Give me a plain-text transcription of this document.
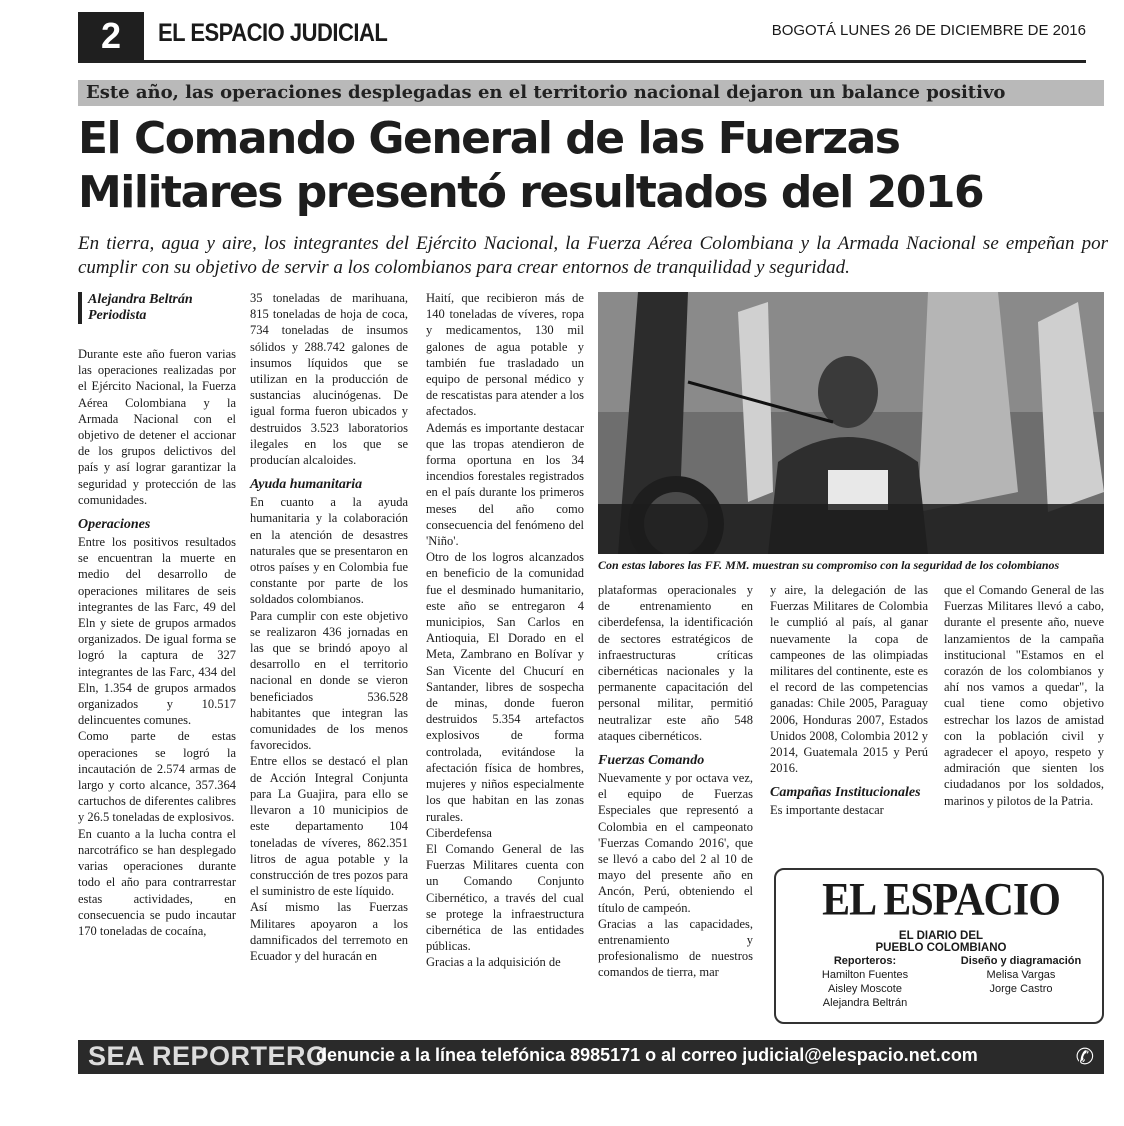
2	EL ESPACIO JUDICIAL	BOGOTÁ LUNES 26 DE DICIEMBRE DE 2016
Este año, las operaciones desplegadas en el territorio nacional dejaron un balance positivo
El Comando General de las Fuerzas
Militares presentó resultados del 2016
En tierra, agua y aire, los integrantes del Ejército Nacional, la Fuerza Aérea Colombiana y la Armada Nacional se empeñan por cumplir con su objetivo de servir a los colombianos para crear entornos de tranquilidad y seguridad.
Alejandra Beltrán
Periodista

Durante este año fueron varias las operaciones realizadas por el Ejército Nacional, la Fuerza Aérea Colombiana y la Armada Nacional con el objetivo de detener el accionar de los grupos delictivos del país y así lograr garantizar la seguridad y protección de las comunidades.

Operaciones

Entre los positivos resultados se encuentran la muerte en medio del desarrollo de operaciones militares de seis integrantes de las Farc, 49 del Eln y siete de grupos armados organizados. De igual forma se logró la captura de 327 integrantes de las Farc, 434 del Eln, 1.354 de grupos armados organizados y 10.517 delincuentes comunes.

Como parte de estas operaciones se logró la incautación de 2.574 armas de largo y corto alcance, 357.364 cartuchos de diferentes calibres y 26.5 toneladas de explosivos.

En cuanto a la lucha contra el narcotráfico se han desplegado varias operaciones durante todo el año para contrarrestar estas actividades, en consecuencia se pudo incautar 170 toneladas de cocaína,

35 toneladas de marihuana, 815 toneladas de hoja de coca, 734 toneladas de insumos sólidos y 288.742 galones de insumos líquidos que se utilizan en la producción de sustancias alucinógenas. De igual forma fueron ubicados y destruidos 3.523 laboratorios ilegales en los que se producían alcaloides.

Ayuda humanitaria

En cuanto a la ayuda humanitaria y la colaboración en la atención de desastres naturales que se presentaron en otros países y en Colombia fue constante por parte de los soldados colombianos.

Para cumplir con este objetivo se realizaron 436 jornadas en las que se brindó apoyo al desarrollo en el territorio nacional en donde se vieron beneficiados 536.528 habitantes que integran las comunidades de los menos favorecidos.

Entre ellos se destacó el plan de Acción Integral Conjunta para La Guajira, para ello se llevaron a 10 municipios de este departamento 104 toneladas de víveres, 862.351 litros de agua potable y la construcción de tres pozos para el suministro de este líquido.

Así mismo las Fuerzas Militares apoyaron a los damnificados del terremoto en Ecuador y del huracán en

Haití, que recibieron más de 140 toneladas de víveres, ropa y medicamentos, 130 mil galones de agua potable y también fue trasladado un equipo de personal médico y de rescatistas para atender a los afectados.

Además es importante destacar que las tropas atendieron de forma oportuna en los 34 incendios forestales registrados en el país durante los primeros meses del año como consecuencia del fenómeno del 'Niño'.

Otro de los logros alcanzados en beneficio de la comunidad fue el desminado humanitario, este año se entregaron 4 municipios, San Carlos en Antioquia, El Dorado en el Meta, Zambrano en Bolívar y San Vicente del Chucurí en Santander, libres de sospecha de minas, donde fueron destruidos 5.354 artefactos explosivos de forma controlada, evitándose la afectación física de hombres, mujeres y niños especialmente los que habitan en las zonas rurales.

Ciberdefensa

El Comando General de las Fuerzas Militares cuenta con un Comando Conjunto Cibernético, a través del cual se protege la infraestructura cibernética de las entidades públicas.

Gracias a la adquisición de

Con estas labores las FF. MM. muestran su compromiso con la seguridad de los colombianos

plataformas operacionales y de entrenamiento en ciberdefensa, la identificación de sectores estratégicos de infraestructuras críticas cibernéticas nacionales y la permanente capacitación del personal militar, permitió neutralizar este año 548 ataques cibernéticos.

Fuerzas Comando

Nuevamente y por octava vez, el equipo de Fuerzas Especiales que representó a Colombia en el campeonato 'Fuerzas Comando 2016', que se llevó a cabo del 2 al 10 de mayo del presente año en Ancón, Perú, obteniendo el título de campeón.

Gracias a las capacidades, entrenamiento y profesionalismo de nuestros comandos de tierra, mar

y aire, la delegación de las Fuerzas Militares de Colombia le cumplió al país, al ganar nuevamente la copa de campeones de las olimpiadas militares del continente, este es el record de las competencias ganadas: Chile 2005, Paraguay 2006, Honduras 2007, Estados Unidos 2008, Colombia 2012 y 2014, Guatemala 2015 y Perú 2016.

Campañas Institucionales

Es importante destacar

que el Comando General de las Fuerzas Militares llevó a cabo, durante el presente año, nueve lanzamientos de la campaña institucional "Estamos en el corazón de los colombianos y ahí nos vamos a quedar", la cual tiene como objetivo estrechar los lazos de amistad con la población civil y agradecer el apoyo, respeto y admiración que sienten los ciudadanos por los soldados, marinos y pilotos de la Patria.

EL ESPACIO
EL DIARIO DEL
PUEBLO COLOMBIANO
Reporteros:
Hamilton Fuentes
Aisley Moscote
Alejandra Beltrán
Diseño y diagramación
Melisa Vargas
Jorge Castro
SEA REPORTERO
denuncie a la línea telefónica 8985171 o al correo judicial@elespacio.net.com	✆
